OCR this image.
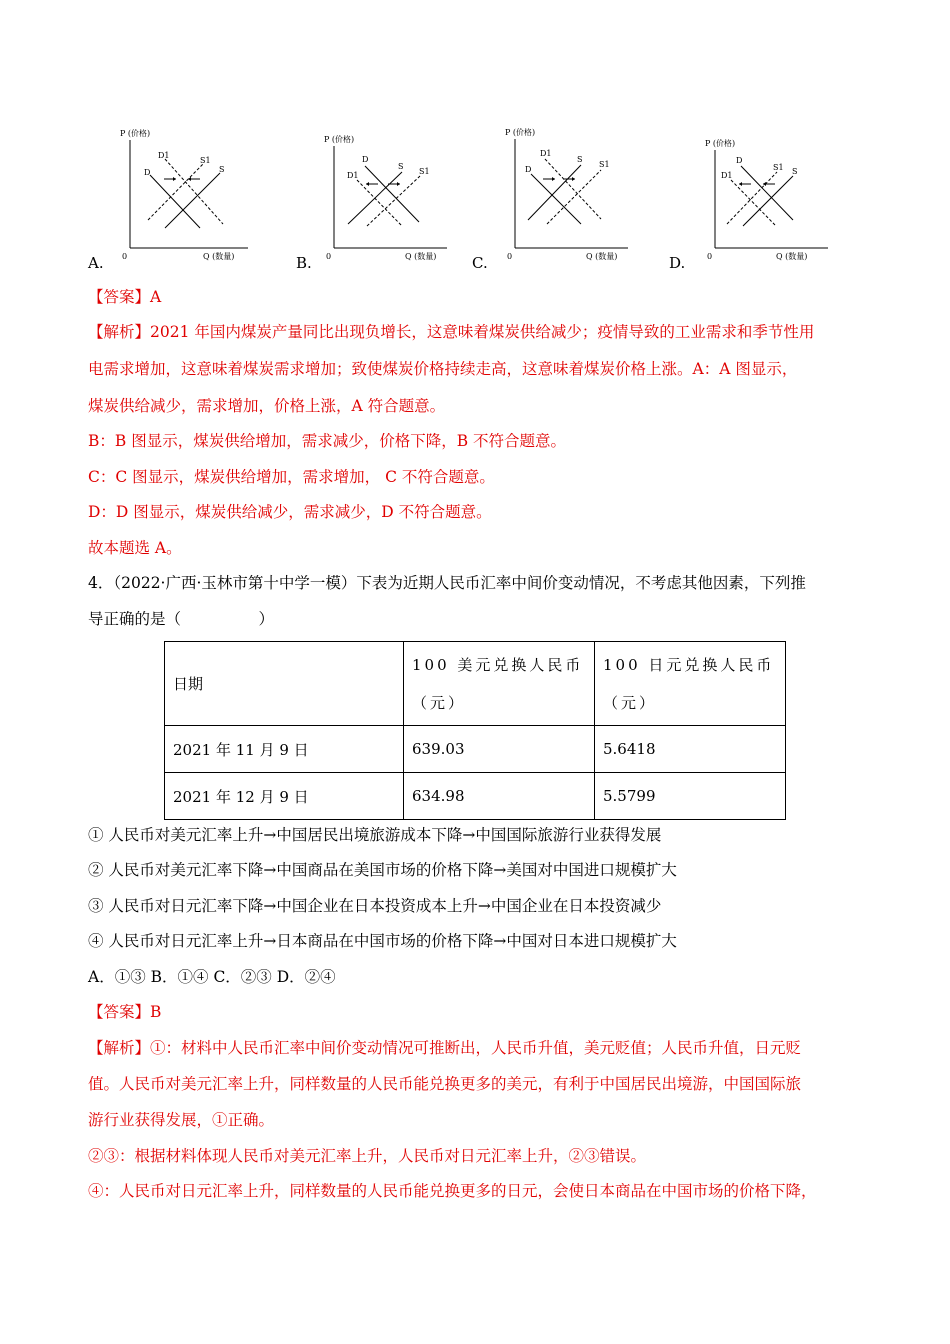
P (价格)
0	Q (数量)
D1
D
S1
S
A.
P (价格)
0	Q (数量)
D
D1
S
S1
B.
P (价格)
0	Q (数量)
D1
D
S
S1
C.
P (价格)
0	Q (数量)
D
D1
S1 S
D.
【答案】A
【解析】2021 年国内煤炭产量同比出现负增长，这意味着煤炭供给减少；疫情导致的工业需求和季节性用
电需求增加，这意味着煤炭需求增加；致使煤炭价格持续走高，这意味着煤炭价格上涨。A：A 图显示，
煤炭供给减少，需求增加，价格上涨，A 符合题意。
B：B 图显示，煤炭供给增加，需求减少，价格下降，B 不符合题意。
C：C 图显示，煤炭供给增加，需求增加， C 不符合题意。
D：D 图显示，煤炭供给减少，需求减少，D 不符合题意。
故本题选 A。
4．（2022·广西·玉林市第十中学一模）下表为近期人民币汇率中间价变动情况，不考虑其他因素，下列推
导正确的是（　　　　　）
日期	100 美元兑换人民币（元）	100 日元兑换人民币（元）
2021 年 11 月 9 日	639.03	5.6418
2021 年 12 月 9 日	634.98	5.5799
① 人民币对美元汇率上升→中国居民出境旅游成本下降→中国国际旅游行业获得发展
② 人民币对美元汇率下降→中国商品在美国市场的价格下降→美国对中国进口规模扩大
③ 人民币对日元汇率下降→中国企业在日本投资成本上升→中国企业在日本投资减少
④ 人民币对日元汇率上升→日本商品在中国市场的价格下降→中国对日本进口规模扩大
A．①③ B．①④ C．②③ D．②④
【答案】B
【解析】①：材料中人民币汇率中间价变动情况可推断出，人民币升值，美元贬值；人民币升值，日元贬
值。人民币对美元汇率上升，同样数量的人民币能兑换更多的美元，有利于中国居民出境游，中国国际旅
游行业获得发展，①正确。
②③：根据材料体现人民币对美元汇率上升，人民币对日元汇率上升，②③错误。
④：人民币对日元汇率上升，同样数量的人民币能兑换更多的日元，会使日本商品在中国市场的价格下降，
